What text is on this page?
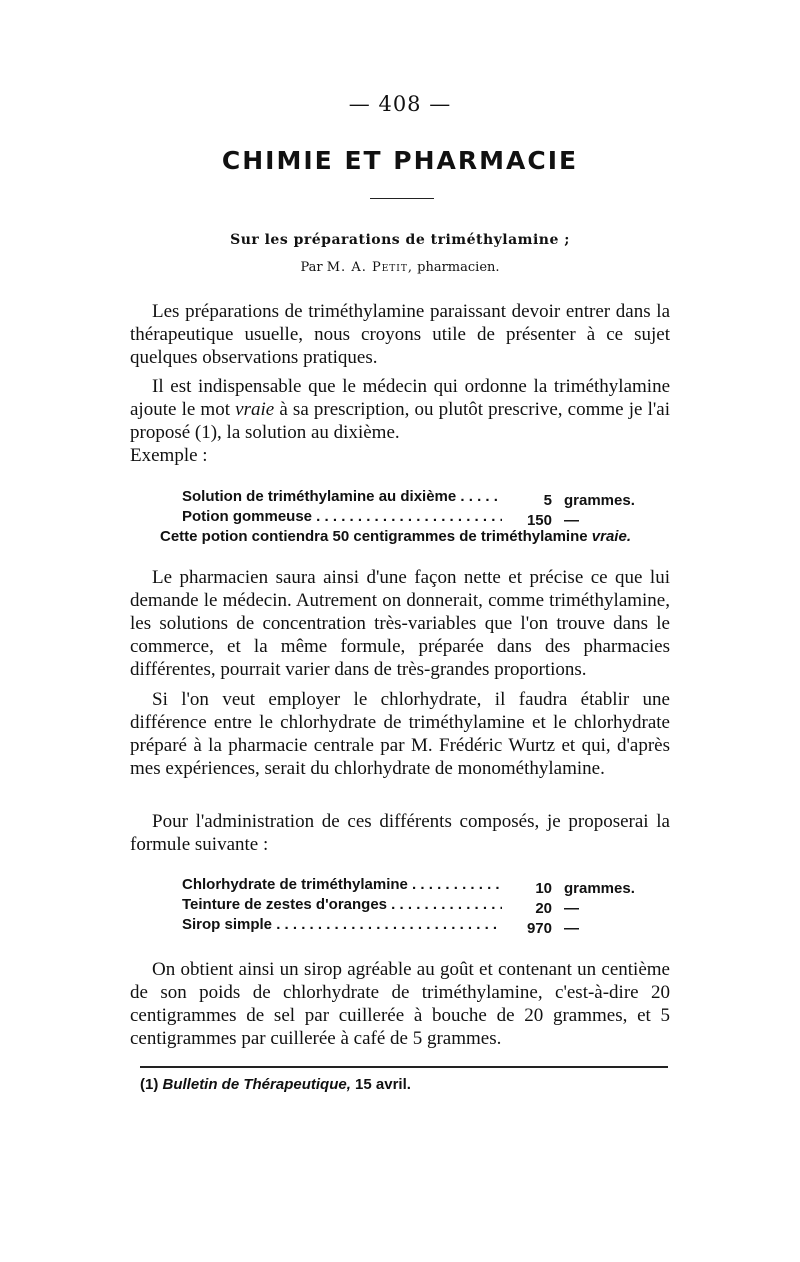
— 408 —
CHIMIE ET PHARMACIE
Sur les préparations de triméthylamine ;
Par M. A. Petit, pharmacien.
Les préparations de triméthylamine paraissant devoir entrer dans la thérapeutique usuelle, nous croyons utile de présenter à ce sujet quelques observations pratiques.
Il est indispensable que le médecin qui ordonne la triméthylamine ajoute le mot vraie à sa prescription, ou plutôt prescrive, comme je l'ai proposé (1), la solution au dixième.
Exemple :
Solution de triméthylamine au dixième . . .	5 grammes.
Potion gommeuse . . .	150 —
Cette potion contiendra 50 centigrammes de triméthylamine vraie.
Le pharmacien saura ainsi d'une façon nette et précise ce que lui demande le médecin. Autrement on donnerait, comme triméthylamine, les solutions de concentration très-variables que l'on trouve dans le commerce, et la même formule, préparée dans des pharmacies différentes, pourrait varier dans de très-grandes proportions.
Si l'on veut employer le chlorhydrate, il faudra établir une différence entre le chlorhydrate de triméthylamine et le chlorhydrate préparé à la pharmacie centrale par M. Frédéric Wurtz et qui, d'après mes expériences, serait du chlorhydrate de monométhylamine.
Pour l'administration de ces différents composés, je proposerai la formule suivante :
Chlorhydrate de triméthylamine . . .	10 grammes.
Teinture de zestes d'oranges . . .	20 —
Sirop simple . . .	970 —
On obtient ainsi un sirop agréable au goût et contenant un centième de son poids de chlorhydrate de triméthylamine, c'est-à-dire 20 centigrammes de sel par cuillerée à bouche de 20 grammes, et 5 centigrammes par cuillerée à café de 5 grammes.
(1) Bulletin de Thérapeutique, 15 avril.
